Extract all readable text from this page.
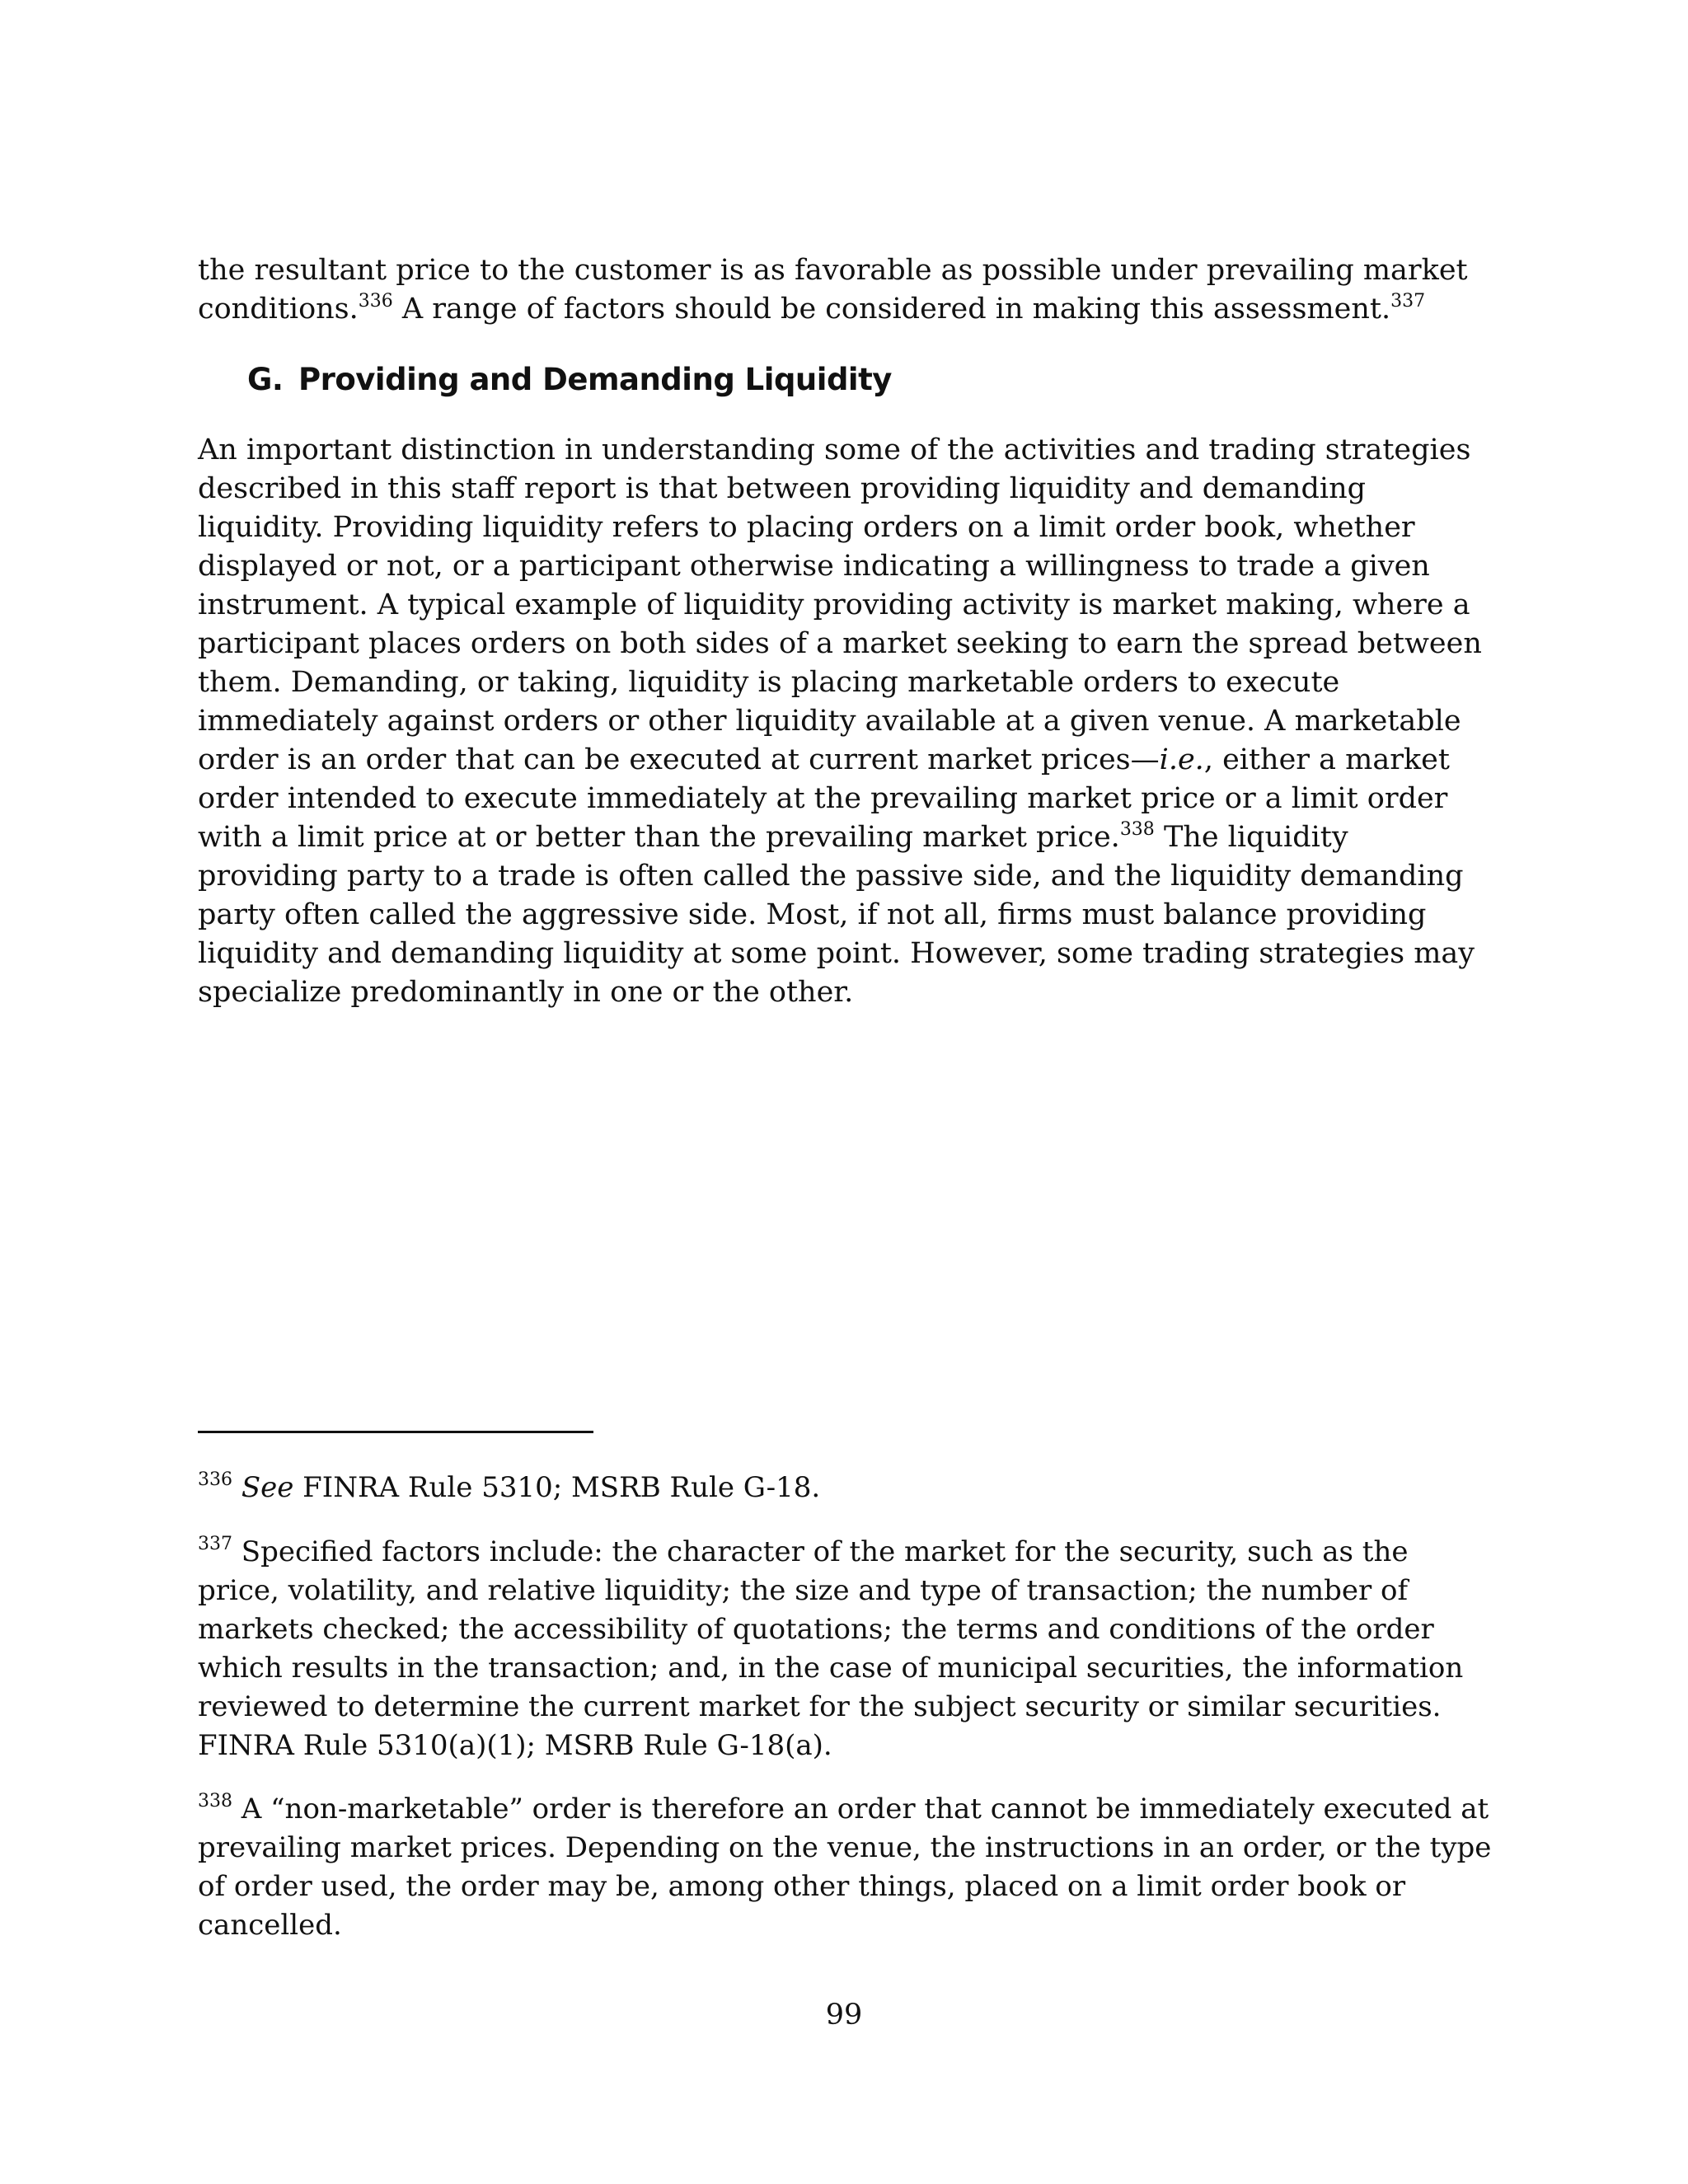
the resultant price to the customer is as favorable as possible under prevailing market conditions.$^{336}$ A range of factors should be considered in making this assessment.$^{337}$

G. Providing and Demanding Liquidity

An important distinction in understanding some of the activities and trading strategies described in this staff report is that between providing liquidity and demanding liquidity. Providing liquidity refers to placing orders on a limit order book, whether displayed or not, or a participant otherwise indicating a willingness to trade a given instrument. A typical example of liquidity providing activity is market making, where a participant places orders on both sides of a market seeking to earn the spread between them. Demanding, or taking, liquidity is placing marketable orders to execute immediately against orders or other liquidity available at a given venue. A marketable order is an order that can be executed at current market prices—i.e., either a market order intended to execute immediately at the prevailing market price or a limit order with a limit price at or better than the prevailing market price.$^{338}$ The liquidity providing party to a trade is often called the passive side, and the liquidity demanding party often called the aggressive side. Most, if not all, firms must balance providing liquidity and demanding liquidity at some point. However, some trading strategies may specialize predominantly in one or the other.

$^{336}$ See FINRA Rule 5310; MSRB Rule G-18.

$^{337}$ Specified factors include: the character of the market for the security, such as the price, volatility, and relative liquidity; the size and type of transaction; the number of markets checked; the accessibility of quotations; the terms and conditions of the order which results in the transaction; and, in the case of municipal securities, the information reviewed to determine the current market for the subject security or similar securities. FINRA Rule 5310(a)(1); MSRB Rule G-18(a).

$^{338}$ A “non-marketable” order is therefore an order that cannot be immediately executed at prevailing market prices. Depending on the venue, the instructions in an order, or the type of order used, the order may be, among other things, placed on a limit order book or cancelled.

99
